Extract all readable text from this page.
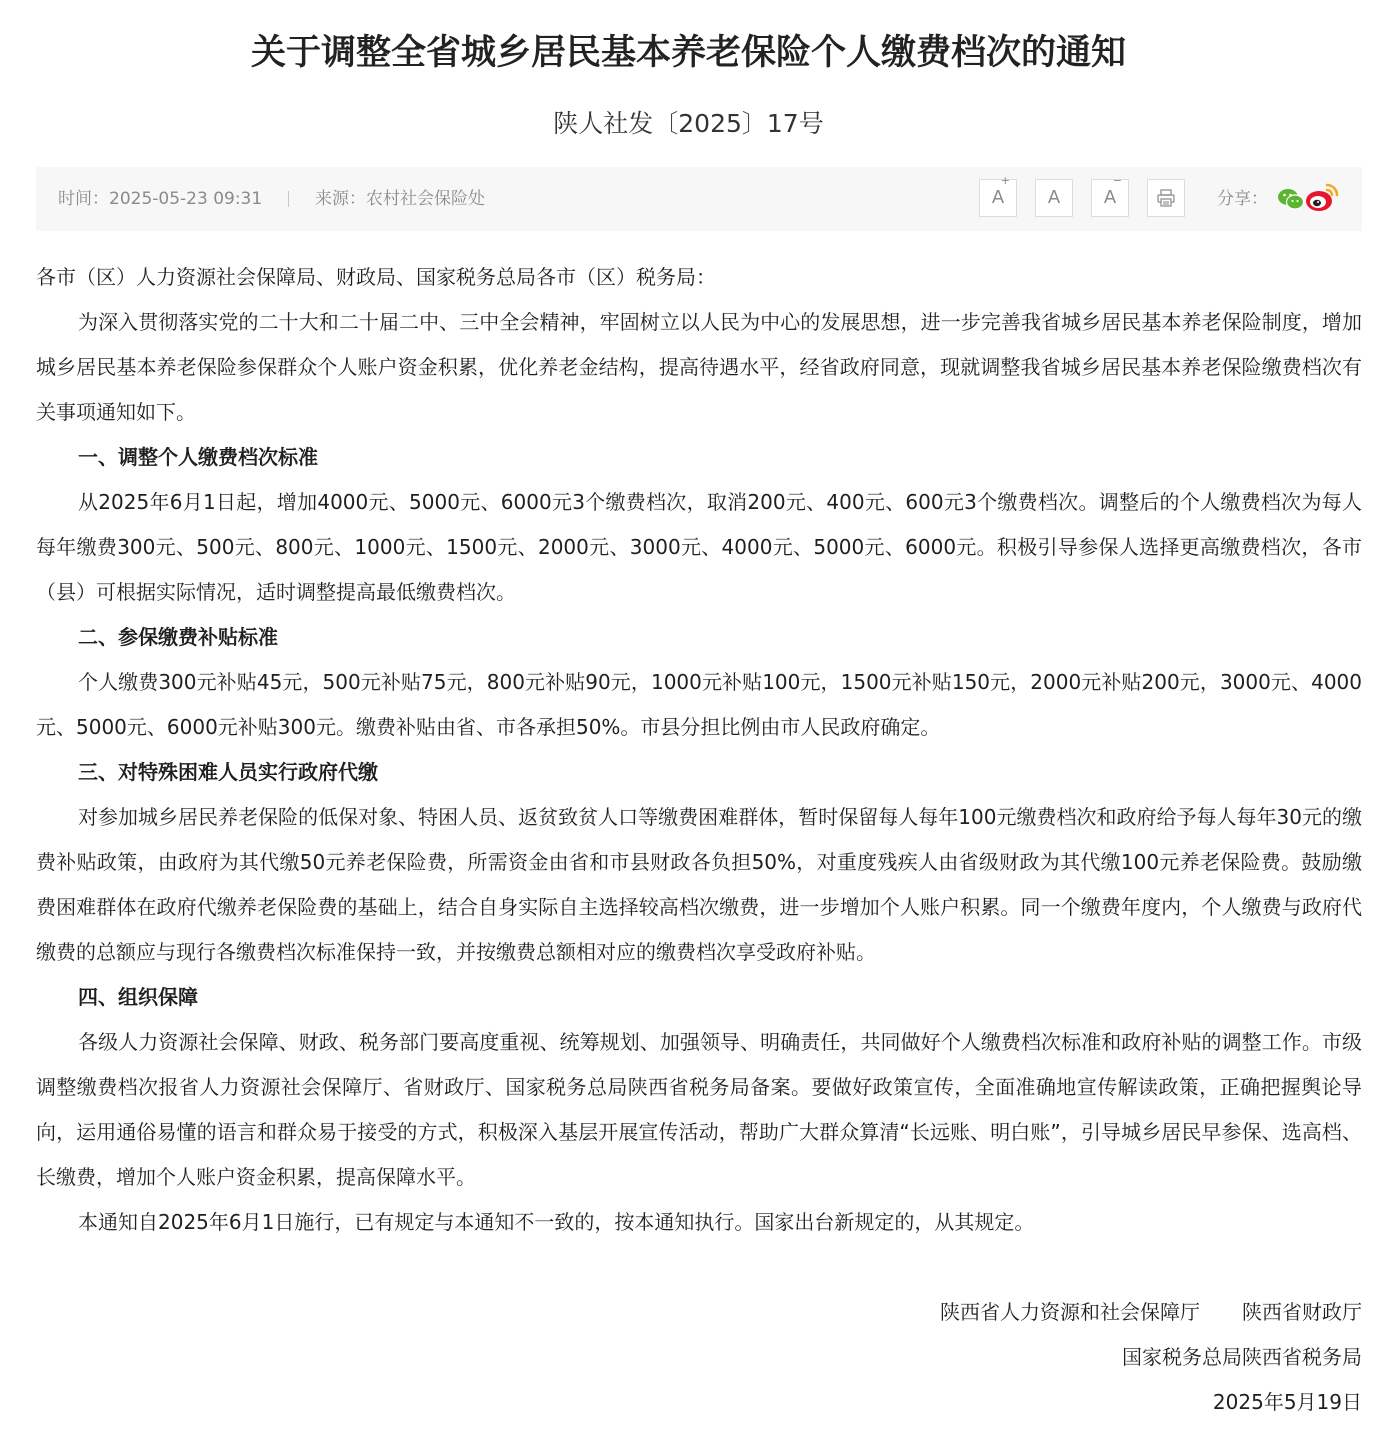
关于调整全省城乡居民基本养老保险个人缴费档次的通知
陕人社发〔2025〕17号
时间：2025-05-23 09:31	来源：农村社会保险处	A
+
A	A
−
分享：

各市（区）人力资源社会保障局、财政局、国家税务总局各市（区）税务局：

为深入贯彻落实党的二十大和二十届二中、三中全会精神，牢固树立以人民为中心的发展思想，进一步完善我省城乡居民基本养老保险制度，增加城乡居民基本养老保险参保群众个人账户资金积累，优化养老金结构，提高待遇水平，经省政府同意，现就调整我省城乡居民基本养老保险缴费档次有关事项通知如下。

一、调整个人缴费档次标准

从2025年6月1日起，增加4000元、5000元、6000元3个缴费档次，取消200元、400元、600元3个缴费档次。调整后的个人缴费档次为每人每年缴费300元、500元、800元、1000元、1500元、2000元、3000元、4000元、5000元、6000元。积极引导参保人选择更高缴费档次，各市（县）可根据实际情况，适时调整提高最低缴费档次。

二、参保缴费补贴标准

个人缴费300元补贴45元，500元补贴75元，800元补贴90元，1000元补贴100元，1500元补贴150元，2000元补贴200元，3000元、4000元、5000元、6000元补贴300元。缴费补贴由省、市各承担50%。市县分担比例由市人民政府确定。

三、对特殊困难人员实行政府代缴

对参加城乡居民养老保险的低保对象、特困人员、返贫致贫人口等缴费困难群体，暂时保留每人每年100元缴费档次和政府给予每人每年30元的缴费补贴政策，由政府为其代缴50元养老保险费，所需资金由省和市县财政各负担50%，对重度残疾人由省级财政为其代缴100元养老保险费。鼓励缴费困难群体在政府代缴养老保险费的基础上，结合自身实际自主选择较高档次缴费，进一步增加个人账户积累。同一个缴费年度内，个人缴费与政府代缴费的总额应与现行各缴费档次标准保持一致，并按缴费总额相对应的缴费档次享受政府补贴。

四、组织保障

各级人力资源社会保障、财政、税务部门要高度重视、统筹规划、加强领导、明确责任，共同做好个人缴费档次标准和政府补贴的调整工作。市级调整缴费档次报省人力资源社会保障厅、省财政厅、国家税务总局陕西省税务局备案。要做好政策宣传，全面准确地宣传解读政策，正确把握舆论导向，运用通俗易懂的语言和群众易于接受的方式，积极深入基层开展宣传活动，帮助广大群众算清“长远账、明白账”，引导城乡居民早参保、选高档、长缴费，增加个人账户资金积累，提高保障水平。

本通知自2025年6月1日施行，已有规定与本通知不一致的，按本通知执行。国家出台新规定的，从其规定。

陕西省人力资源和社会保障厅 陕西省财政厅
国家税务总局陕西省税务局
2025年5月19日
